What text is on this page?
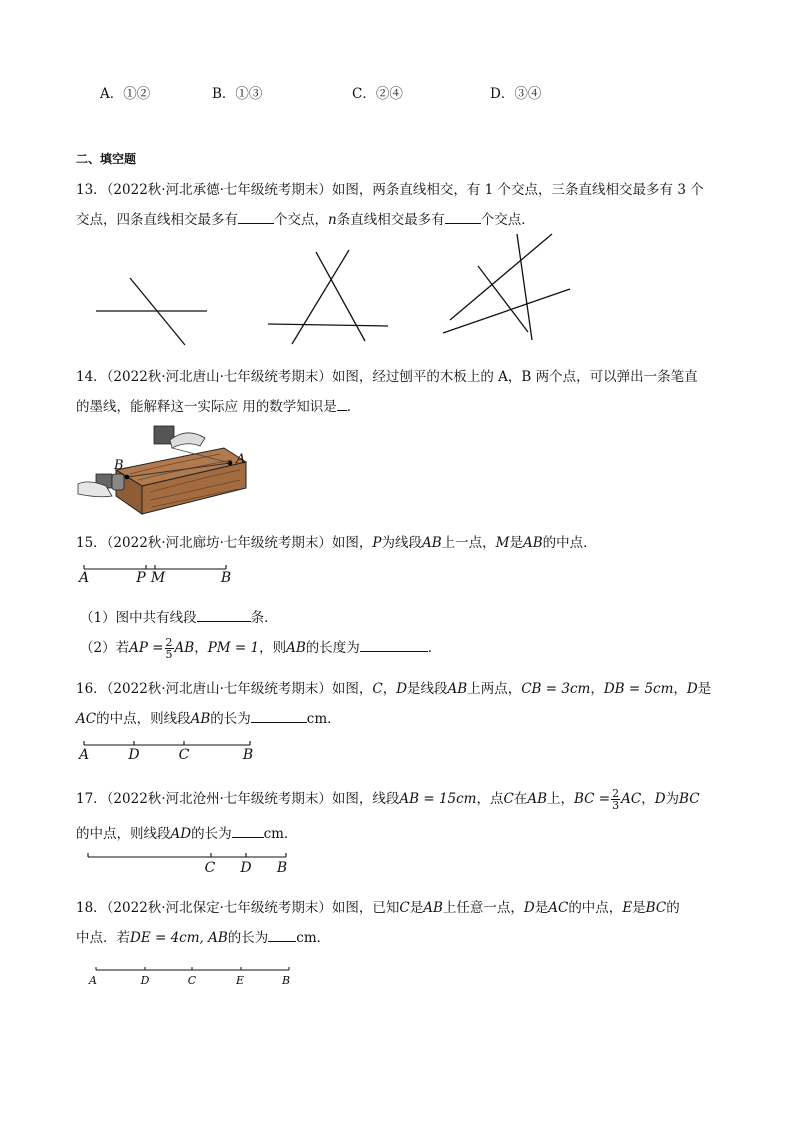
A．①②	B．①③	C．②④	D．③④
二、填空题
13．（2022秋·河北承德·七年级统考期末）如图，两条直线相交，有 1 个交点，三条直线相交最多有 3 个
交点，四条直线相交最多有	个交点，n条直线相交最多有	个交点．
14．（2022秋·河北唐山·七年级统考期末）如图，经过刨平的木板上的 A，B 两个点，可以弹出一条笔直
的墨线，能解释这一实际应 用的数学知识是 ．
B	A
15．（2022秋·河北廊坊·七年级统考期末）如图，P为线段AB上一点，M是AB的中点．
A	P M	B
（1）图中共有线段	条．
（2）若AP = $\frac{2}{5}$ AB，PM = 1，则AB的长度为	．
16．（2022秋·河北唐山·七年级统考期末）如图，C，D是线段AB上两点，CB = 3cm，DB = 5cm，D是
AC的中点，则线段AB的长为	cm．
A	D	C	B
17．（2022秋·河北沧州·七年级统考期末）如图，线段AB = 15cm，点C在AB上，BC = $\frac{2}{3}$ AC，D为BC
的中点，则线段AD的长为 cm．
C D B
18．（2022秋·河北保定·七年级统考期末）如图，已知C是AB上任意一点，D是AC的中点，E是BC的
中点．若DE = 4cm, AB的长为 cm．
A	D	C	E	B
